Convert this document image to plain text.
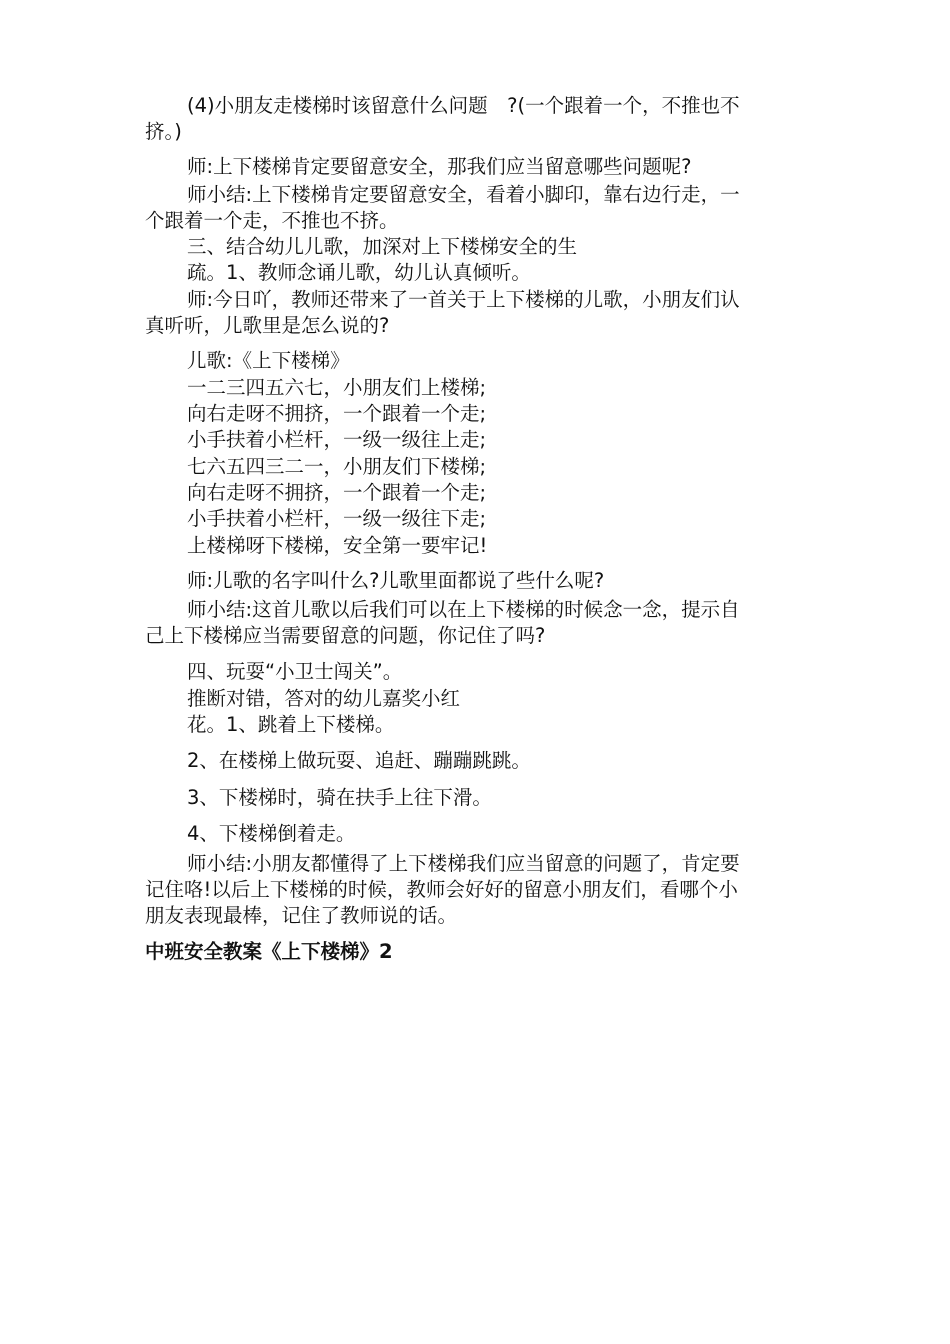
(4)小朋友走楼梯时该留意什么问题　?(一个跟着一个，不推也不
挤。)
师:上下楼梯肯定要留意安全，那我们应当留意哪些问题呢?
师小结:上下楼梯肯定要留意安全，看着小脚印，靠右边行走，一
个跟着一个走，不推也不挤。
三、结合幼儿儿歌，加深对上下楼梯安全的生
疏。1、教师念诵儿歌，幼儿认真倾听。
师:今日吖，教师还带来了一首关于上下楼梯的儿歌，小朋友们认
真听听，儿歌里是怎么说的?
儿歌:《上下楼梯》
一二三四五六七，小朋友们上楼梯;
向右走呀不拥挤，一个跟着一个走;
小手扶着小栏杆，一级一级往上走;
七六五四三二一，小朋友们下楼梯;
向右走呀不拥挤，一个跟着一个走;
小手扶着小栏杆，一级一级往下走;
上楼梯呀下楼梯，安全第一要牢记!
师:儿歌的名字叫什么?儿歌里面都说了些什么呢?
师小结:这首儿歌以后我们可以在上下楼梯的时候念一念，提示自
己上下楼梯应当需要留意的问题，你记住了吗?
四、玩耍“小卫士闯关”。
推断对错，答对的幼儿嘉奖小红
花。1、跳着上下楼梯。
2、在楼梯上做玩耍、追赶、蹦蹦跳跳。
3、下楼梯时，骑在扶手上往下滑。
4、下楼梯倒着走。
师小结:小朋友都懂得了上下楼梯我们应当留意的问题了，肯定要
记住咯!以后上下楼梯的时候，教师会好好的留意小朋友们，看哪个小
朋友表现最棒，记住了教师说的话。
中班安全教案《上下楼梯》2
